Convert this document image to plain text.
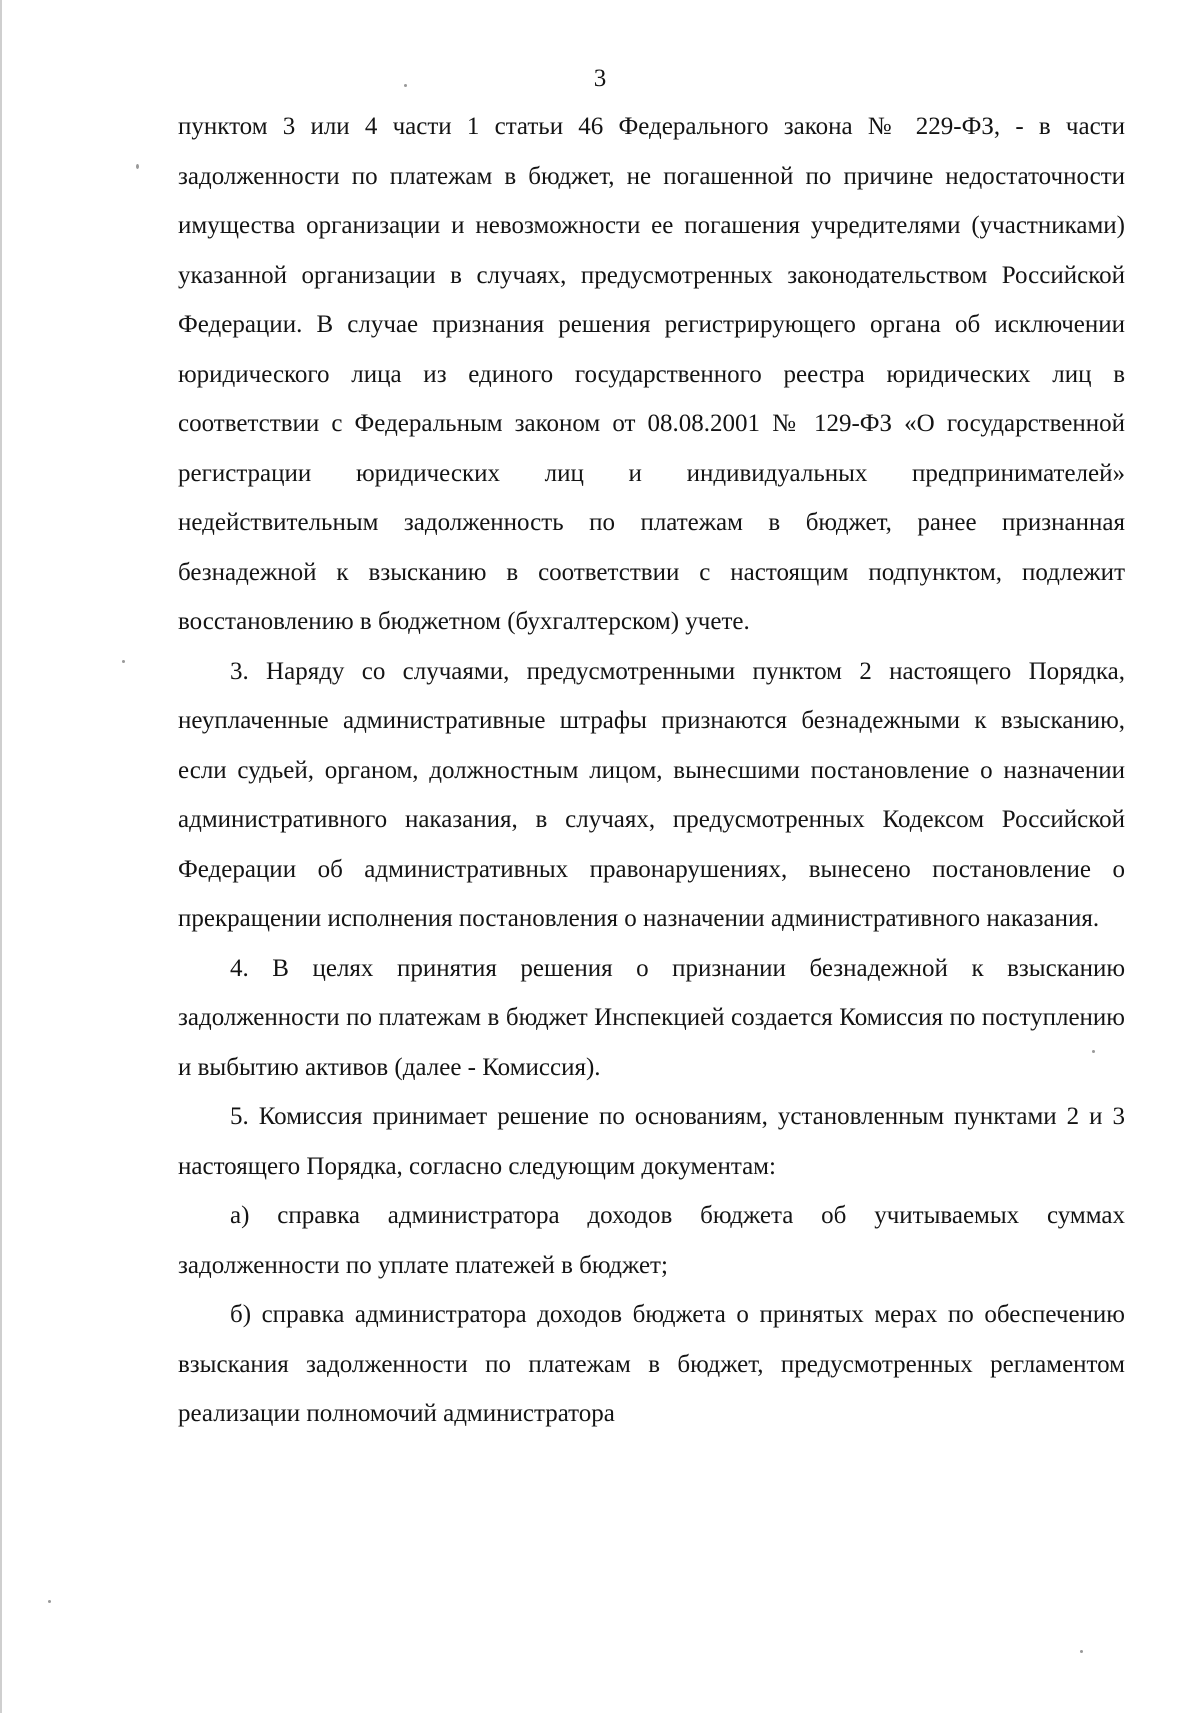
3

пунктом 3 или 4 части 1 статьи 46 Федерального закона № 229-ФЗ, - в части задолженности по платежам в бюджет, не погашенной по причине недостаточности имущества организации и невозможности ее погашения учредителями (участниками) указанной организации в случаях, предусмотренных законодательством Российской Федерации. В случае признания решения регистрирующего органа об исключении юридического лица из единого государственного реестра юридических лиц в соответствии с Федеральным законом от 08.08.2001 № 129-ФЗ «О государственной регистрации юридических лиц и индивидуальных предпринимателей» недействительным задолженность по платежам в бюджет, ранее признанная безнадежной к взысканию в соответствии с настоящим подпунктом, подлежит восстановлению в бюджетном (бухгалтерском) учете.

3. Наряду со случаями, предусмотренными пунктом 2 настоящего Порядка, неуплаченные административные штрафы признаются безнадежными к взысканию, если судьей, органом, должностным лицом, вынесшими постановление о назначении административного наказания, в случаях, предусмотренных Кодексом Российской Федерации об административных правонарушениях, вынесено постановление о прекращении исполнения постановления о назначении административного наказания.

4. В целях принятия решения о признании безнадежной к взысканию задолженности по платежам в бюджет Инспекцией создается Комиссия по поступлению и выбытию активов (далее - Комиссия).

5. Комиссия принимает решение по основаниям, установленным пунктами 2 и 3 настоящего Порядка, согласно следующим документам:

а) справка администратора доходов бюджета об учитываемых суммах задолженности по уплате платежей в бюджет;

б) справка администратора доходов бюджета о принятых мерах по обеспечению взыскания задолженности по платежам в бюджет, предусмотренных регламентом реализации полномочий администратора
